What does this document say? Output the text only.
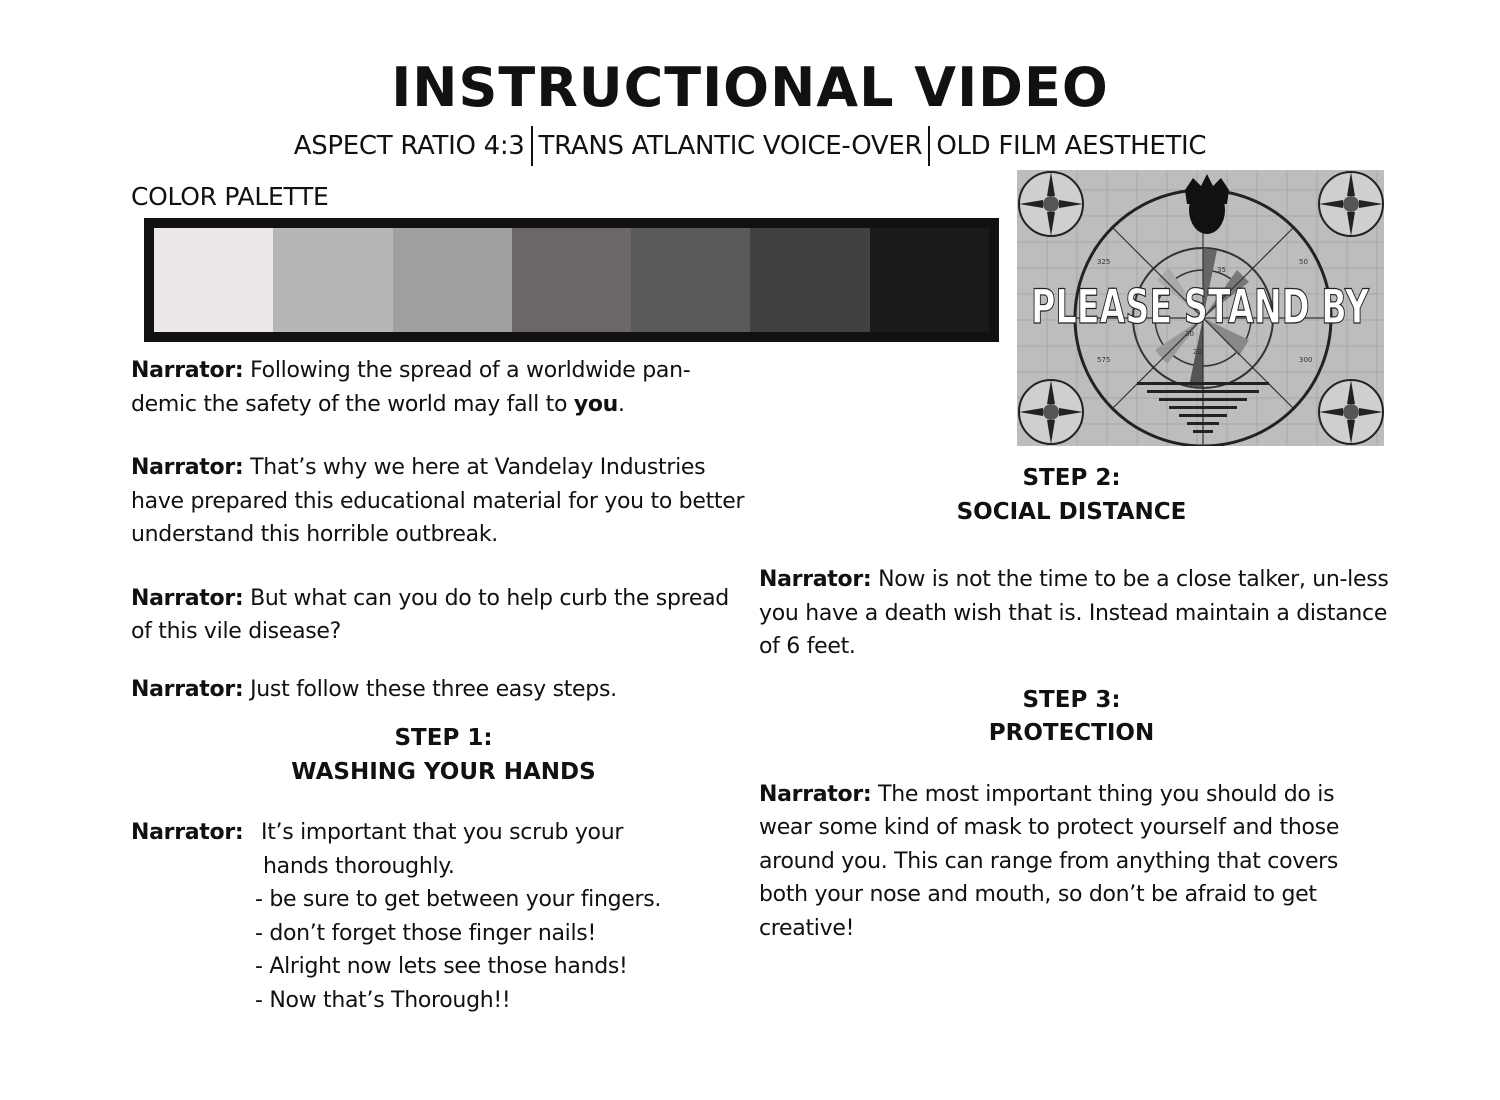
INSTRUCTIONAL VIDEO
ASPECT RATIO 4:3 TRANS ATLANTIC VOICE-OVER OLD FILM AESTHETIC
COLOR PALETTE
325	50
575	300
35
30
20
PLEASE STAND BY

Narrator: Following the spread of a worldwide pan-demic the safety of the world may fall to you.

Narrator: That’s why we here at Vandelay Industries have prepared this educational material for you to better understand this horrible outbreak.

Narrator: But what can you do to help curb the spread of this vile disease?

Narrator: Just follow these three easy steps.

STEP 1:
WASHING YOUR HANDS
Narrator: It’s important that you scrub your

hands thoroughly.

- be sure to get between your fingers.
- don’t forget those finger nails!
- Alright now lets see those hands!
- Now that’s Thorough!!
STEP 2:
SOCIAL DISTANCE

Narrator: Now is not the time to be a close talker, un-less you have a death wish that is. Instead maintain a distance of 6 feet.

STEP 3:
PROTECTION

Narrator: The most important thing you should do is wear some kind of mask to protect yourself and those around you. This can range from anything that covers both your nose and mouth, so don’t be afraid to get creative!
